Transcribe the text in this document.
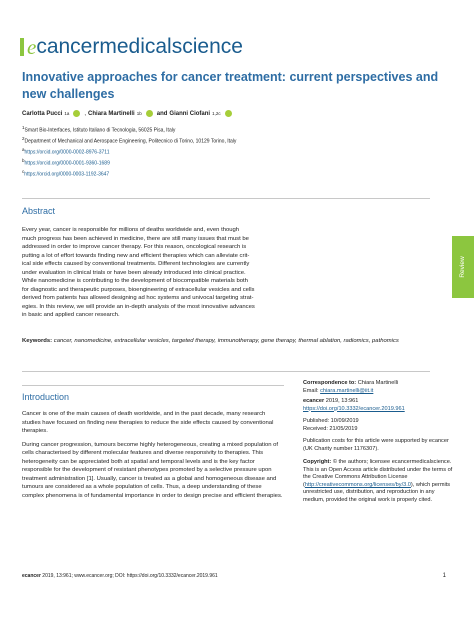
e cancer medicalscience
Innovative approaches for cancer treatment: current perspectives and new challenges
Carlotta Pucci 1a	, Chiara Martinelli 1b	and Gianni Ciofani 1,2c
1Smart Bio-Interfaces, Istituto Italiano di Tecnologia, 56025 Pisa, Italy
2Department of Mechanical and Aerospace Engineering, Politecnico di Torino, 10129 Torino, Italy
ahttps://orcid.org/0000-0002-8976-3711
bhttps://orcid.org/0000-0001-9360-1689
chttps://orcid.org/0000-0003-1192-3647
Abstract
Every year, cancer is responsible for millions of deaths worldwide and, even though
much progress has been achieved in medicine, there are still many issues that must be
addressed in order to improve cancer therapy. For this reason, oncological research is
putting a lot of effort towards finding new and efficient therapies which can alleviate crit-
ical side effects caused by conventional treatments. Different technologies are currently
under evaluation in clinical trials or have been already introduced into clinical practice.
While nanomedicine is contributing to the development of biocompatible materials both
for diagnostic and therapeutic purposes, bioengineering of extracellular vesicles and cells
derived from patients has allowed designing ad hoc systems and univocal targeting strat-
egies. In this review, we will provide an in-depth analysis of the most innovative advances
in basic and applied cancer research.
Keywords: cancer, nanomedicine, extracellular vesicles, targeted therapy, immunotherapy, gene therapy, thermal ablation, radiomics, pathomics
Review
Introduction

Cancer is one of the main causes of death worldwide, and in the past decade, many research studies have focused on finding new therapies to reduce the side effects caused by conventional therapies.

During cancer progression, tumours become highly heterogeneous, creating a mixed population of cells characterised by different molecular features and diverse responsivity to therapies. This heterogeneity can be appreciated both at spatial and temporal levels and is the key factor responsible for the development of resistant phenotypes promoted by a selective pressure upon treatment administration [1]. Usually, cancer is treated as a global and homogeneous disease and tumours are considered as a whole population of cells. Thus, a deep understanding of these complex phenomena is of fundamental importance in order to design precise and efficient therapies.

Correspondence to: Chiara Martinelli
Email: chiara.martinelli@iit.it
ecancer 2019, 13:961
https://doi.org/10.3332/ecancer.2019.961
Published: 10/09/2019
Received: 21/05/2019
Publication costs for this article were supported by ecancer (UK Charity number 1176307).
Copyright: © the authors; licensee ecancermedicalscience. This is an Open Access article distributed under the terms of the Creative Commons Attribution License (http://creativecommons.org/licenses/by/3.0), which permits unrestricted use, distribution, and reproduction in any medium, provided the original work is properly cited.
ecancer 2019, 13:961; www.ecancer.org; DOI: https://doi.org/10.3332/ecancer.2019.961	1
